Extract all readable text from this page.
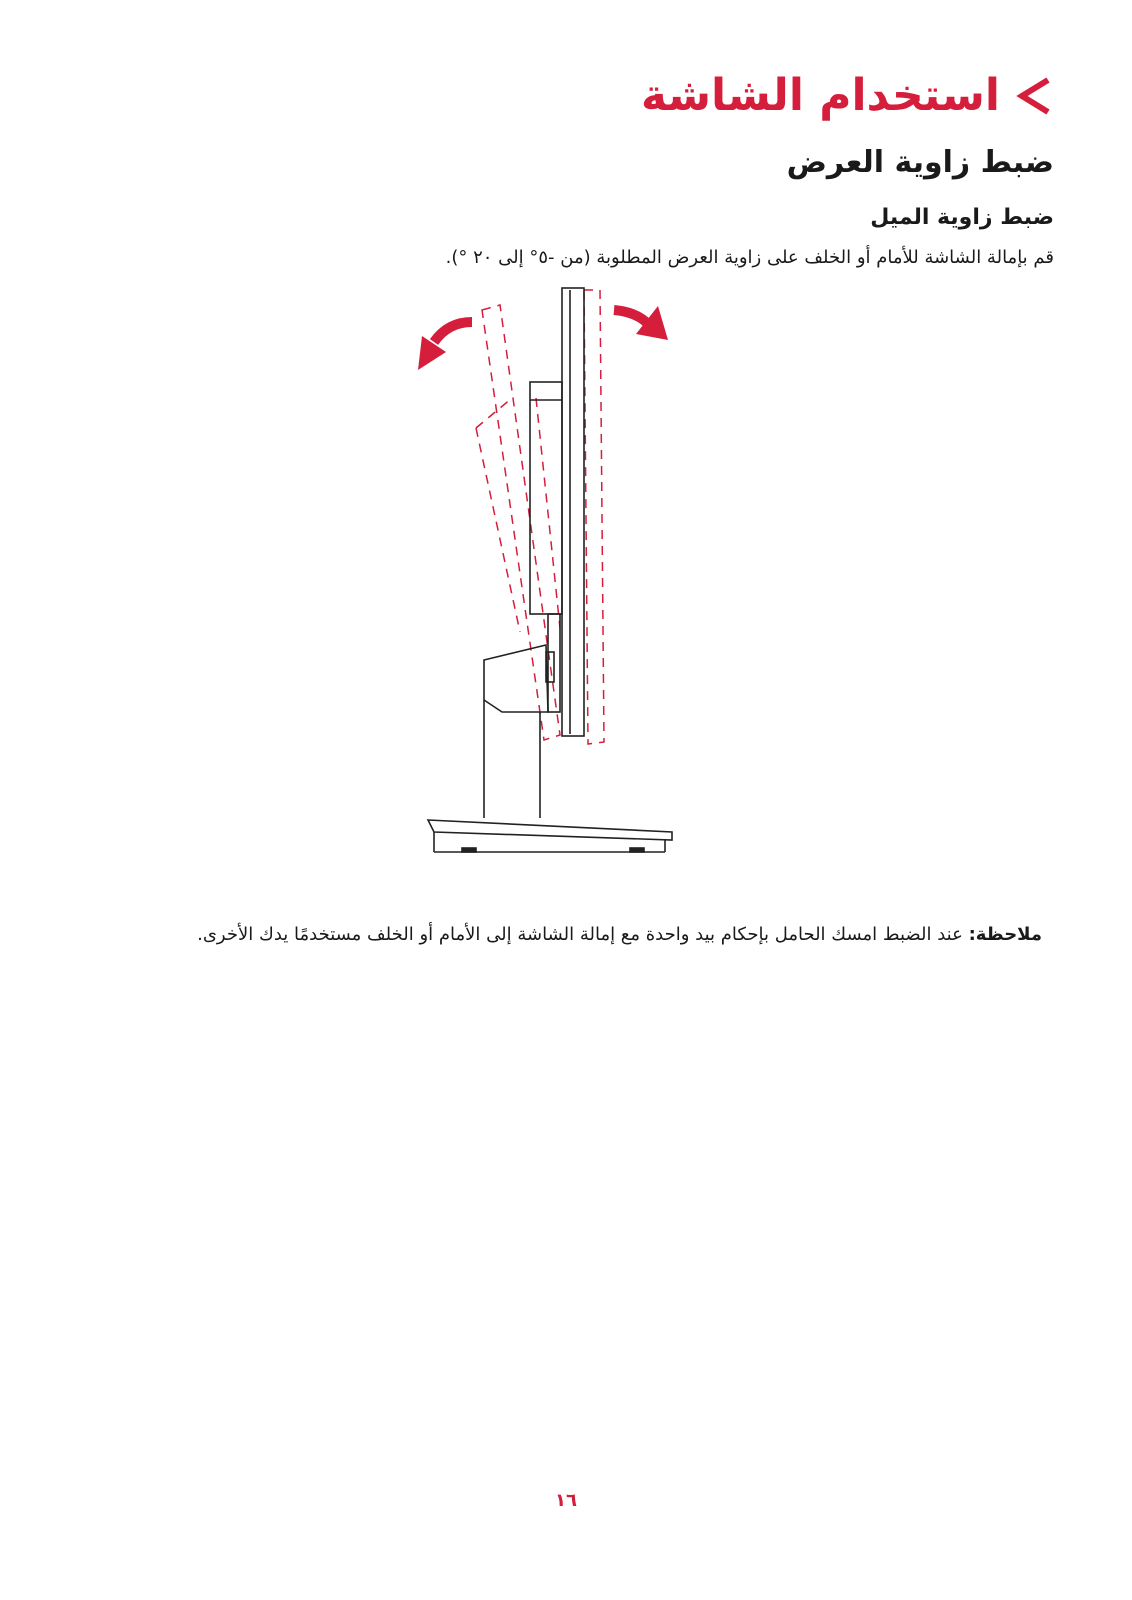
استخدام الشاشة
ضبط زاوية العرض
ضبط زاوية الميل
قم بإمالة الشاشة للأمام أو الخلف على زاوية العرض المطلوبة (من ‎-٥° إلى ٢٠ °).
ملاحظة: عند الضبط امسك الحامل بإحكام بيد واحدة مع إمالة الشاشة إلى الأمام أو الخلف مستخدمًا يدك الأخرى.
١٦
